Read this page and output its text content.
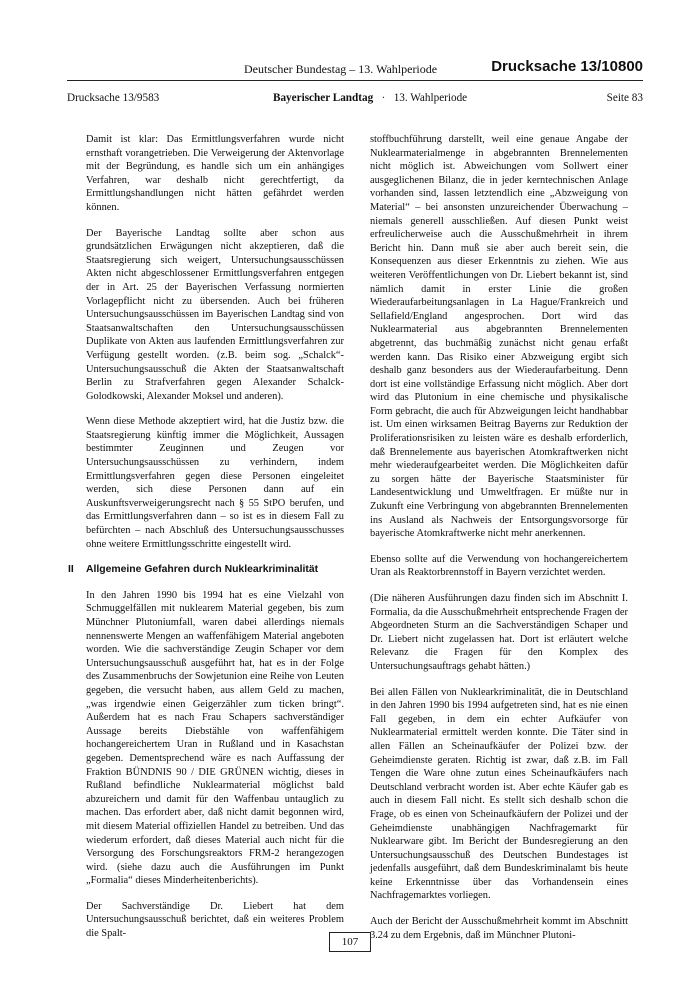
Deutscher Bundestag – 13. Wahlperiode	Drucksache 13/10800
Drucksache 13/9583	Bayerischer Landtag · 13. Wahlperiode	Seite 83

Damit ist klar: Das Ermittlungsverfahren wurde nicht ernsthaft vorangetrieben. Die Verweigerung der Aktenvorlage mit der Begründung, es handle sich um ein anhängiges Verfahren, war deshalb nicht gerechtfertigt, da Ermittlungshandlungen nicht hätten gefährdet werden können.

Der Bayerische Landtag sollte aber schon aus grundsätzlichen Erwägungen nicht akzeptieren, daß die Staatsregierung sich weigert, Untersuchungsausschüssen Akten nicht abgeschlossener Ermittlungsverfahren entgegen der in Art. 25 der Bayerischen Verfassung normierten Vorlagepflicht nicht zu übersenden. Auch bei früheren Untersuchungsausschüssen im Bayerischen Landtag sind von Staatsanwaltschaften den Untersuchungsausschüssen Duplikate von Akten aus laufenden Ermittlungsverfahren zur Verfügung gestellt worden. (z.B. beim sog. „Schalck“-Untersuchungsausschuß die Akten der Staatsanwaltschaft Berlin zu Strafverfahren gegen Alexander Schalck-Golodkowski, Alexander Moksel und anderen).

Wenn diese Methode akzeptiert wird, hat die Justiz bzw. die Staatsregierung künftig immer die Möglichkeit, Aussagen bestimmter Zeuginnen und Zeugen vor Untersuchungsausschüssen zu verhindern, indem Ermittlungsverfahren gegen diese Personen eingeleitet werden, sich diese Personen dann auf ein Auskunftsverweigerungsrecht nach § 55 StPO berufen, und das Ermittlungsverfahren dann – so ist es in diesem Fall zu befürchten – nach Abschluß des Untersuchungsausschusses ohne weitere Ermittlungsschritte eingestellt wird.

II Allgemeine Gefahren durch Nuklearkriminalität

In den Jahren 1990 bis 1994 hat es eine Vielzahl von Schmuggelfällen mit nuklearem Material gegeben, bis zum Münchner Plutoniumfall, waren dabei allerdings niemals nennenswerte Mengen an waffenfähigem Material angeboten worden. Wie die sachverständige Zeugin Schaper vor dem Untersuchungsausschuß ausgeführt hat, hat es in der Folge des Zusammenbruchs der Sowjetunion eine Reihe von Leuten gegeben, die versucht haben, aus allem Geld zu machen, „was irgendwie einen Geigerzähler zum ticken bringt“. Außerdem hat es nach Frau Schapers sachverständiger Aussage bereits Diebstähle von waffenfähigem hochangereichertem Uran in Rußland und in Kasachstan gegeben. Dementsprechend wäre es nach Auffassung der Fraktion BÜNDNIS 90 / DIE GRÜNEN wichtig, dieses in Rußland befindliche Nuklearmaterial möglichst bald abzureichern und damit für den Waffenbau untauglich zu machen. Das erfordert aber, daß nicht damit begonnen wird, mit diesem Material offiziellen Handel zu betreiben. Und das wiederum erfordert, daß dieses Material auch nicht für die Versorgung des Forschungsreaktors FRM-2 herangezogen wird. (siehe dazu auch die Ausführungen im Punkt „Formalia“ dieses Minderheitenberichts).

Der Sachverständige Dr. Liebert hat dem Untersuchungsausschuß berichtet, daß ein weiteres Problem die Spalt-

stoffbuchführung darstellt, weil eine genaue Angabe der Nuklearmaterialmenge in abgebrannten Brennelementen nicht möglich ist. Abweichungen vom Sollwert einer ausgeglichenen Bilanz, die in jeder kerntechnischen Anlage vorhanden sind, lassen letztendlich eine „Abzweigung von Material“ – bei ansonsten unzureichender Überwachung – niemals generell ausschließen. Auf diesen Punkt weist erfreulicherweise auch die Ausschußmehrheit in ihrem Bericht hin. Dann muß sie aber auch bereit sein, die Konsequenzen aus dieser Erkenntnis zu ziehen. Wie aus weiteren Veröffentlichungen von Dr. Liebert bekannt ist, sind nämlich damit in erster Linie die großen Wiederaufarbeitungsanlagen in La Hague/Frankreich und Sellafield/England angesprochen. Dort wird das Nuklearmaterial aus abgebrannten Brennelementen abgetrennt, das buchmäßig zunächst nicht genau erfaßt werden kann. Das Risiko einer Abzweigung ergibt sich deshalb ganz besonders aus der Wiederaufarbeitung. Denn dort ist eine vollständige Erfassung nicht möglich. Aber dort wird das Plutonium in eine chemische und physikalische Form gebracht, die auch für Abzweigungen leicht handhabbar ist. Um einen wirksamen Beitrag Bayerns zur Reduktion der Proliferationsrisiken zu leisten wäre es deshalb erforderlich, daß Brennelemente aus bayerischen Atomkraftwerken nicht mehr wiederaufgearbeitet werden. Die Möglichkeiten dafür zu sorgen hätte der Bayerische Staatsminister für Landesentwicklung und Umweltfragen. Er müßte nur in Zukunft eine Verbringung von abgebrannten Brennelementen ins Ausland als Nachweis der Entsorgungsvorsorge für bayerische Atomkraftwerke nicht mehr anerkennen.

Ebenso sollte auf die Verwendung von hochangereichertem Uran als Reaktorbrennstoff in Bayern verzichtet werden.

(Die näheren Ausführungen dazu finden sich im Abschnitt I. Formalia, da die Ausschußmehrheit entsprechende Fragen der Abgeordneten Sturm an die Sachverständigen Schaper und Dr. Liebert nicht zugelassen hat. Dort ist erläutert welche Relevanz die Fragen für den Komplex des Untersuchungsauftrags gehabt hätten.)

Bei allen Fällen von Nuklearkriminalität, die in Deutschland in den Jahren 1990 bis 1994 aufgetreten sind, hat es nie einen Fall gegeben, in dem ein echter Aufkäufer von Nuklearmaterial ermittelt werden konnte. Die Täter sind in allen Fällen an Scheinaufkäufer der Polizei bzw. der Geheimdienste geraten. Richtig ist zwar, daß z.B. im Fall Tengen die Ware ohne zutun eines Scheinaufkäufers nach Deutschland verbracht worden ist. Aber echte Käufer gab es auch in diesem Fall nicht. Es stellt sich deshalb schon die Frage, ob es einen von Scheinaufkäufern der Polizei und der Geheimdienste unabhängigen Nachfragemarkt für Nuklearware gibt. Im Bericht der Bundesregierung an den Untersuchungsausschuß des Deutschen Bundestages ist jedenfalls ausgeführt, daß dem Bundeskriminalamt bis heute keine Erkenntnisse über das Vorhandensein eines Nachfragemarktes vorliegen.

Auch der Bericht der Ausschußmehrheit kommt im Abschnitt 3.24 zu dem Ergebnis, daß im Münchner Plutoni-

107
